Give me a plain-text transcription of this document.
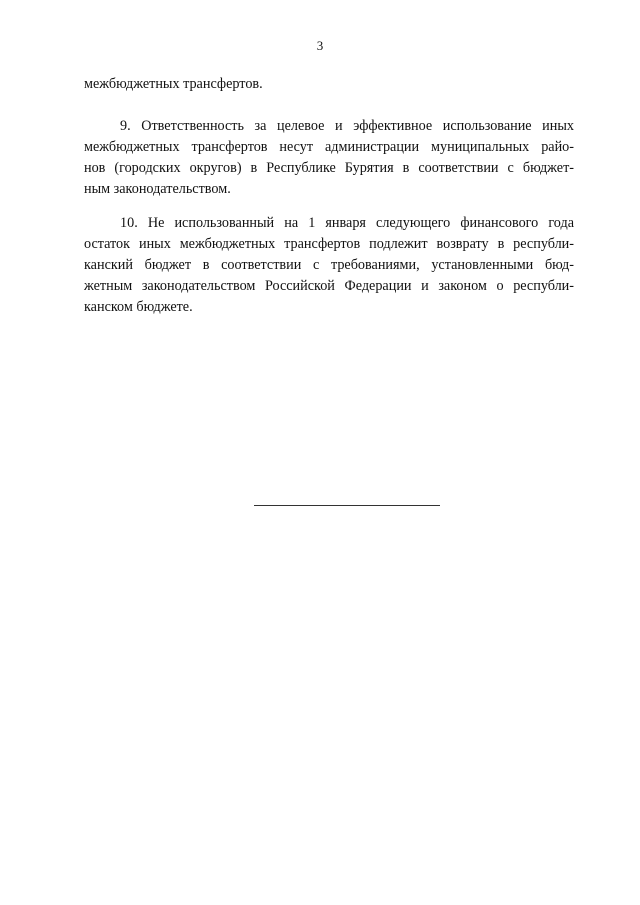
3
межбюджетных трансфертов.
9. Ответственность за целевое и эффективное использование иных
межбюджетных трансфертов несут администрации муниципальных райо-
нов (городских округов) в Республике Бурятия в соответствии с бюджет-
ным законодательством.
10. Не использованный на 1 января следующего финансового года
остаток иных межбюджетных трансфертов подлежит возврату в республи-
канский бюджет в соответствии с требованиями, установленными бюд-
жетным законодательством Российской Федерации и законом о республи-
канском бюджете.
